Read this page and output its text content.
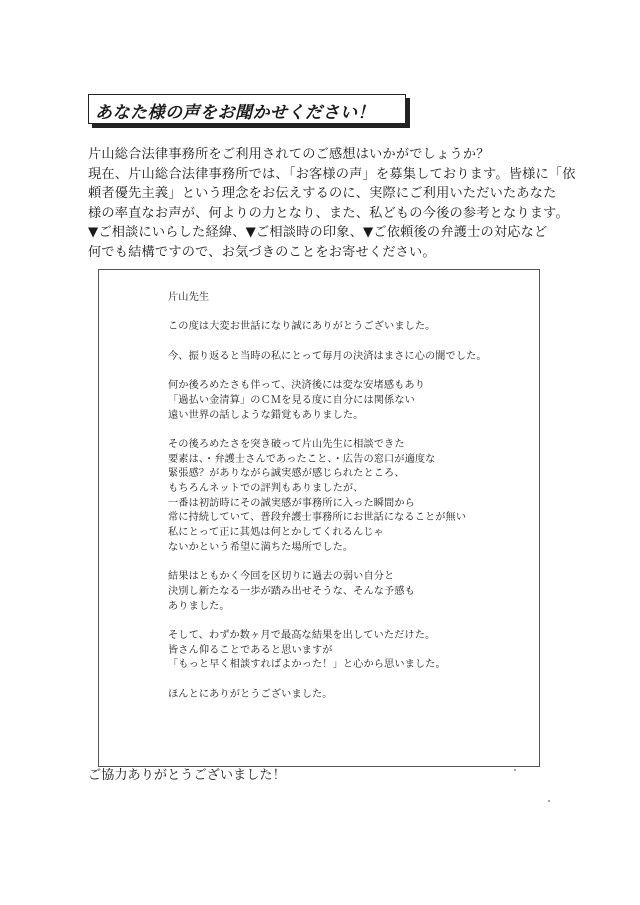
あなた様の声をお聞かせください！
片山総合法律事務所をご利用されてのご感想はいかがでしょうか？
現在、片山総合法律事務所では、「お客様の声」を募集しております。皆様に「依
頼者優先主義」という理念をお伝えするのに、実際にご利用いただいたあなた
様の率直なお声が、何よりの力となり、また、私どもの今後の参考となります。
▼ご相談にいらした経緯、▼ご相談時の印象、▼ご依頼後の弁護士の対応など
何でも結構ですので、お気づきのことをお寄せください。
片山先生
この度は大変お世話になり誠にありがとうございました。
今、振り返ると当時の私にとって毎月の決済はまさに心の闇でした。
何か後ろめたさも伴って、決済後には変な安堵感もあり
「過払い金清算」のＣＭを見る度に自分には関係ない
遠い世界の話しような錯覚もありました。
その後ろめたさを突き破って片山先生に相談できた
要素は、・弁護士さんであったこと、・広告の窓口が適度な
緊張感？がありながら誠実感が感じられたところ、
もちろんネットでの評判もありましたが、
一番は初訪時にその誠実感が事務所に入った瞬間から
常に持続していて、普段弁護士事務所にお世話になることが無い
私にとって正に其処は何とかしてくれるんじゃ
ないかという希望に満ちた場所でした。
結果はともかく今回を区切りに過去の弱い自分と
決別し新たなる一歩が踏み出せそうな、そんな予感も
ありました。
そして、わずか数ヶ月で最高な結果を出していただけた。
皆さん仰ることであると思いますが
「もっと早く相談すればよかった！」と心から思いました。
ほんとにありがとうございました。
ご協力ありがとうございました！
